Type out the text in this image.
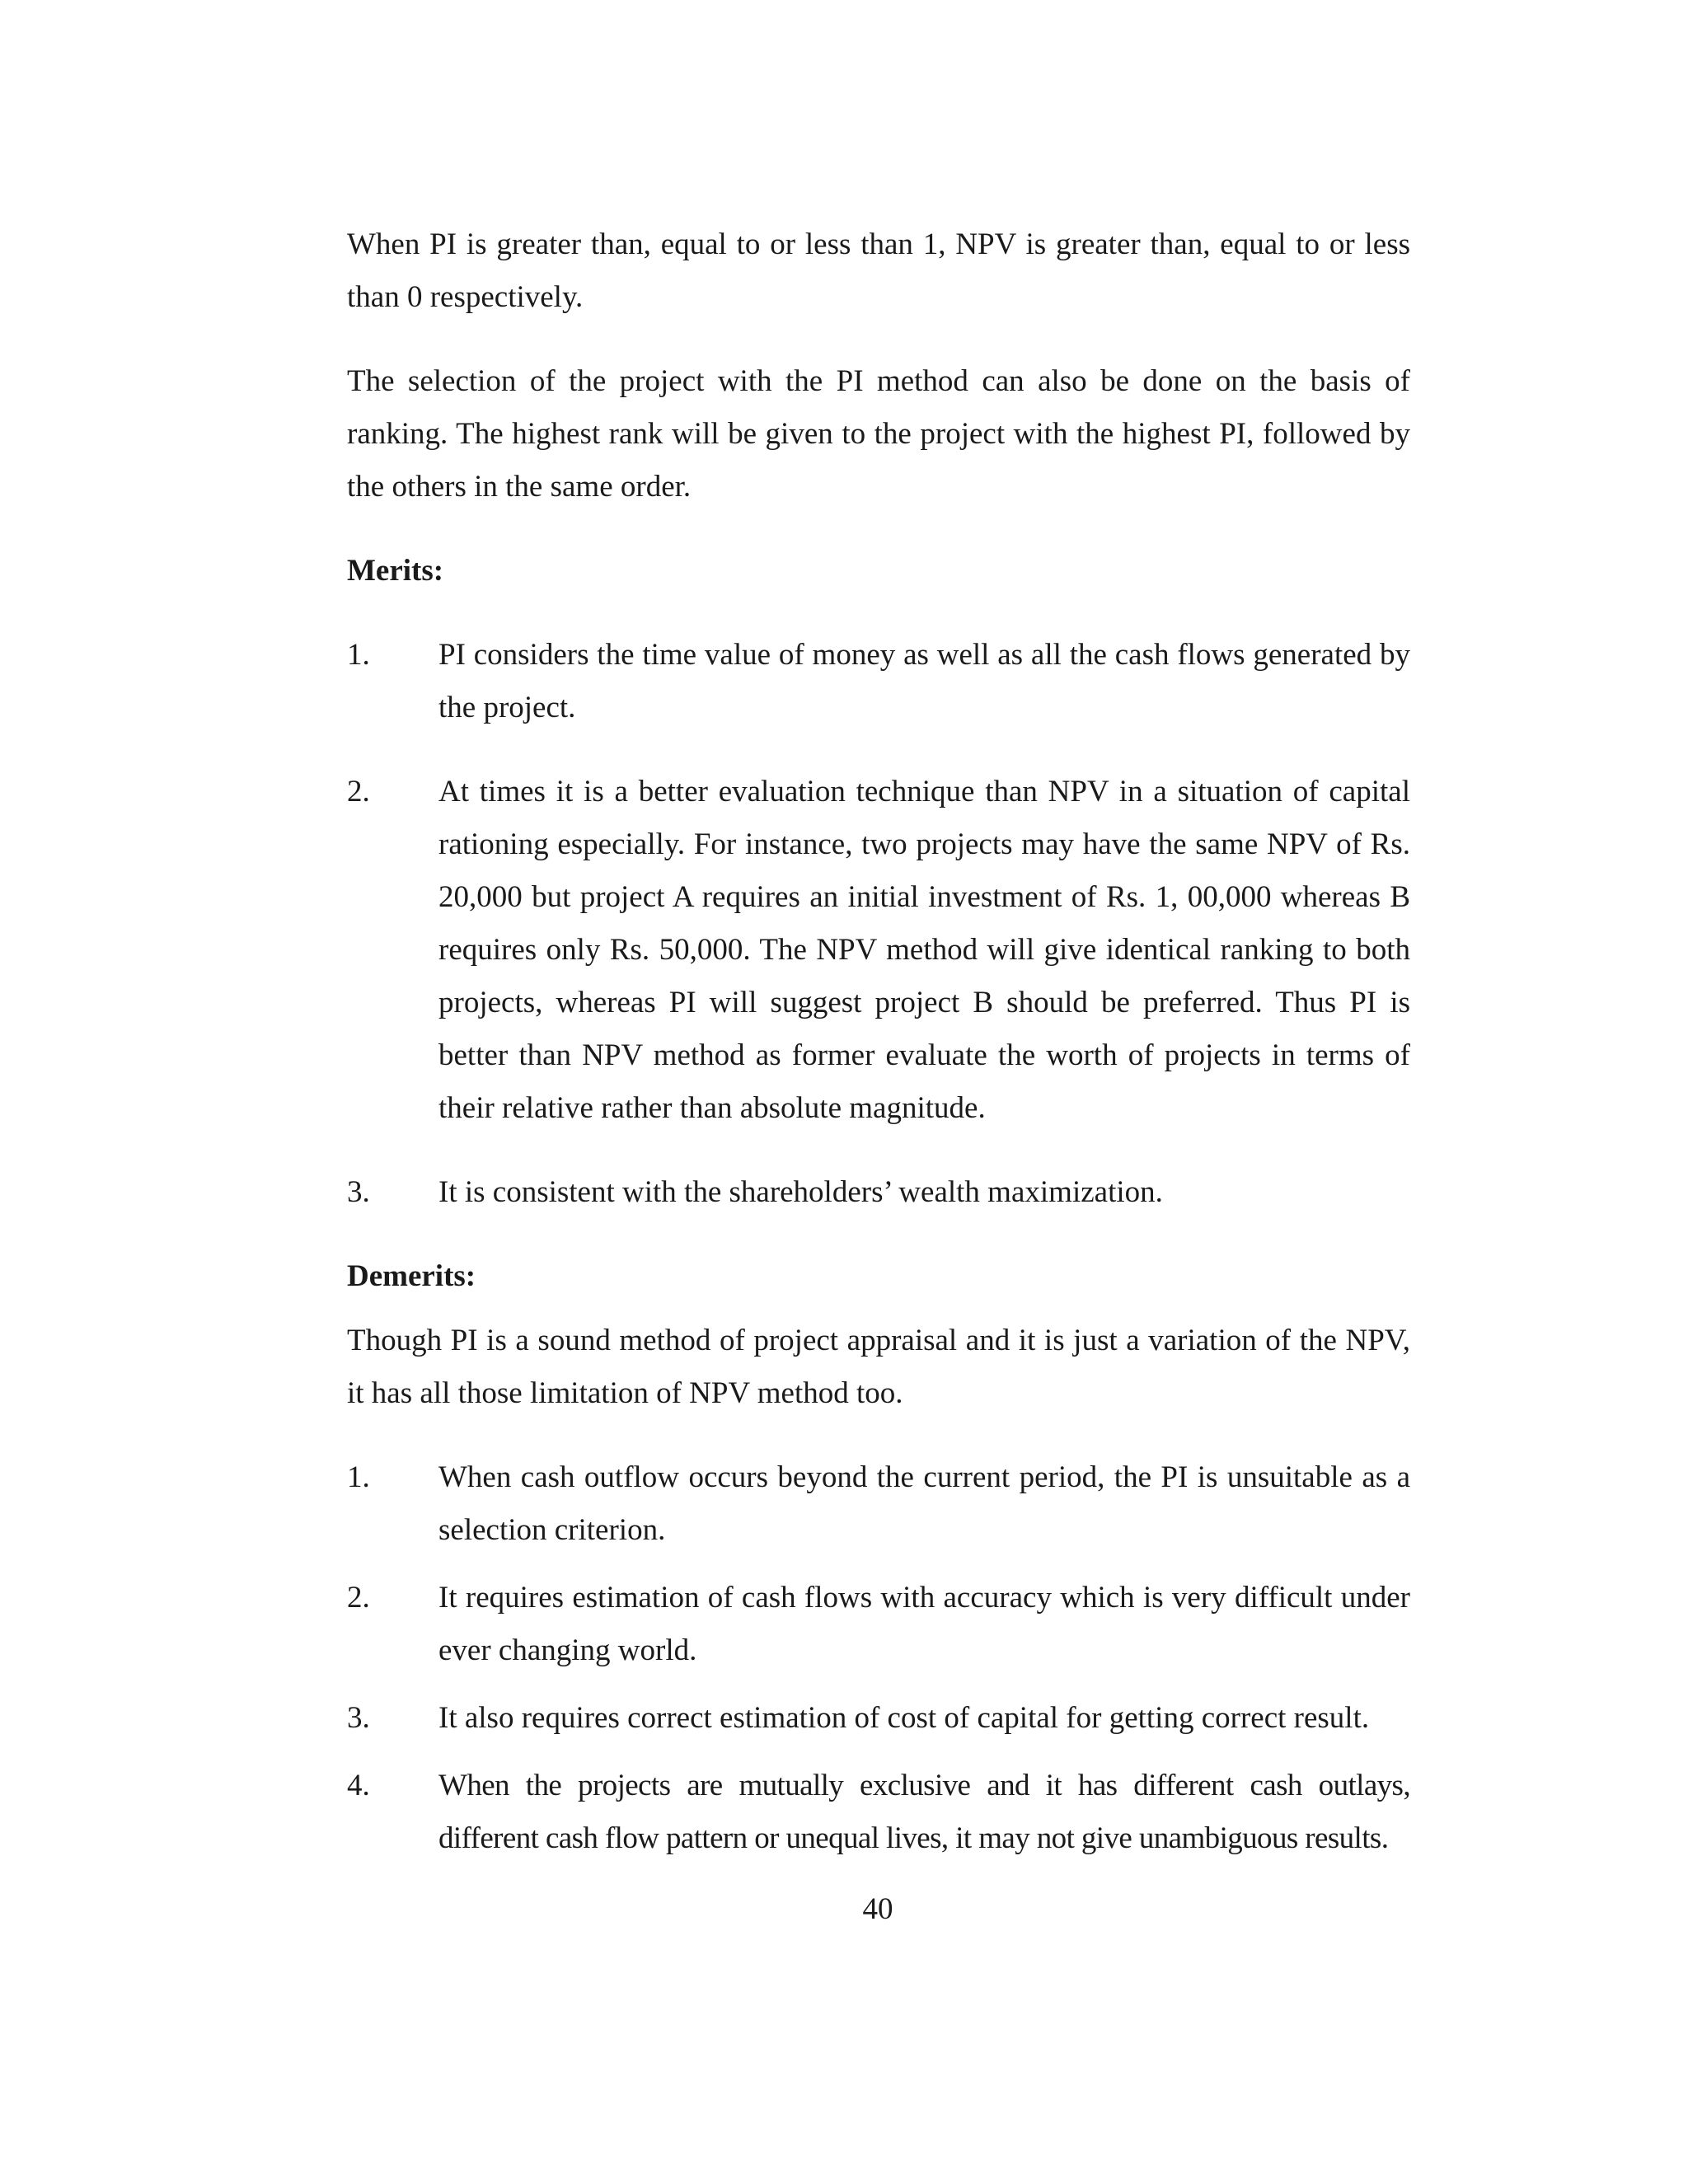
When PI is greater than, equal to or less than 1, NPV is greater than, equal to or less than 0 respectively.

The selection of the project with the PI method can also be done on the basis of ranking. The highest rank will be given to the project with the highest PI, followed by the others in the same order.

Merits:

1. PI considers the time value of money as well as all the cash flows generated by the project.
2. At times it is a better evaluation technique than NPV in a situation of capital rationing especially. For instance, two projects may have the same NPV of Rs. 20,000 but project A requires an initial investment of Rs. 1, 00,000 whereas B requires only Rs. 50,000. The NPV method will give identical ranking to both projects, whereas PI will suggest project B should be preferred. Thus PI is better than NPV method as former evaluate the worth of projects in terms of their relative rather than absolute magnitude.
3. It is consistent with the shareholders’ wealth maximization.

Demerits:

Though PI is a sound method of project appraisal and it is just a variation of the NPV, it has all those limitation of NPV method too.

1. When cash outflow occurs beyond the current period, the PI is unsuitable as a selection criterion.
2. It requires estimation of cash flows with accuracy which is very difficult under ever changing world.
3. It also requires correct estimation of cost of capital for getting correct result.
4. When the projects are mutually exclusive and it has different cash outlays, different cash flow pattern or unequal lives, it may not give unambiguous results.
40
